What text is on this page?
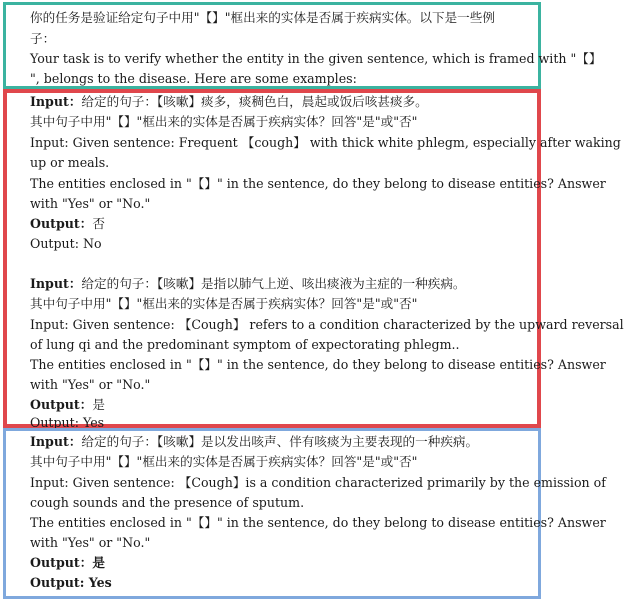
你的任务是验证给定句子中用"【】"框出来的实体是否属于疾病实体。以下是一些例
子：
Your task is to verify whether the entity in the given sentence, which is framed with "【】
", belongs to the disease. Here are some examples:
Input：给定的句子：【咳嗽】痰多，痰稠色白，晨起或饭后咳甚痰多。
其中句子中用"【】"框出来的实体是否属于疾病实体？回答"是"或"否"
Input: Given sentence: Frequent 【cough】 with thick white phlegm, especially after waking
up or meals.
The entities enclosed in "【】" in the sentence, do they belong to disease entities? Answer
with "Yes" or "No."
Output：否
Output: No
Input：给定的句子：【咳嗽】是指以肺气上逆、咳出痰液为主症的一种疾病。
其中句子中用"【】"框出来的实体是否属于疾病实体？回答"是"或"否"
Input: Given sentence: 【Cough】 refers to a condition characterized by the upward reversal
of lung qi and the predominant symptom of expectorating phlegm..
The entities enclosed in "【】" in the sentence, do they belong to disease entities? Answer
with "Yes" or "No."
Output：是
Output: Yes
Input：给定的句子：【咳嗽】是以发出咳声、伴有咳痰为主要表现的一种疾病。
其中句子中用"【】"框出来的实体是否属于疾病实体？回答"是"或"否"
Input: Given sentence: 【Cough】is a condition characterized primarily by the emission of
cough sounds and the presence of sputum.
The entities enclosed in "【】" in the sentence, do they belong to disease entities? Answer
with "Yes" or "No."
Output：是
Output: Yes
